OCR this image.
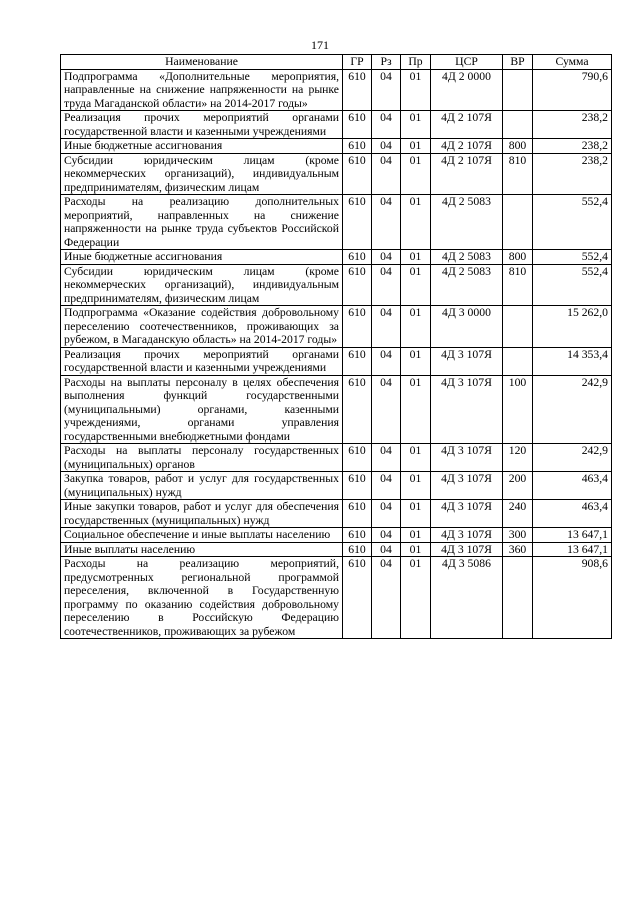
171
Наименование	ГР	Рз	Пр	ЦСР	ВР	Сумма
Подпрограмма «Дополнительные мероприятия, направленные на снижение напряженности на рынке труда Магаданской области» на 2014-2017 годы»	610	04	01	4Д 2 0000		790,6
Реализация прочих мероприятий органами государственной власти и казенными учреждениями	610	04	01	4Д 2 107Я		238,2
Иные бюджетные ассигнования	610	04	01	4Д 2 107Я	800	238,2
Субсидии юридическим лицам (кроме некоммерческих организаций), индивидуальным предпринимателям, физическим лицам	610	04	01	4Д 2 107Я	810	238,2
Расходы на реализацию дополнительных мероприятий, направленных на снижение напряженности на рынке труда субъектов Российской Федерации	610	04	01	4Д 2 5083		552,4
Иные бюджетные ассигнования	610	04	01	4Д 2 5083	800	552,4
Субсидии юридическим лицам (кроме некоммерческих организаций), индивидуальным предпринимателям, физическим лицам	610	04	01	4Д 2 5083	810	552,4
Подпрограмма «Оказание содействия добровольному переселению соотечественников, проживающих за рубежом, в Магаданскую область» на 2014-2017 годы»	610	04	01	4Д 3 0000		15 262,0
Реализация прочих мероприятий органами государственной власти и казенными учреждениями	610	04	01	4Д 3 107Я		14 353,4
Расходы на выплаты персоналу в целях обеспечения выполнения функций государственными (муниципальными) органами, казенными учреждениями, органами управления государственными внебюджетными фондами	610	04	01	4Д 3 107Я	100	242,9
Расходы на выплаты персоналу государственных (муниципальных) органов	610	04	01	4Д 3 107Я	120	242,9
Закупка товаров, работ и услуг для государственных (муниципальных) нужд	610	04	01	4Д 3 107Я	200	463,4
Иные закупки товаров, работ и услуг для обеспечения государственных (муниципальных) нужд	610	04	01	4Д 3 107Я	240	463,4
Социальное обеспечение и иные выплаты населению	610	04	01	4Д 3 107Я	300	13 647,1
Иные выплаты населению	610	04	01	4Д 3 107Я	360	13 647,1
Расходы на реализацию мероприятий, предусмотренных региональной программой переселения, включенной в Государственную программу по оказанию содействия добровольному переселению в Российскую Федерацию соотечественников, проживающих за рубежом	610	04	01	4Д 3 5086		908,6
